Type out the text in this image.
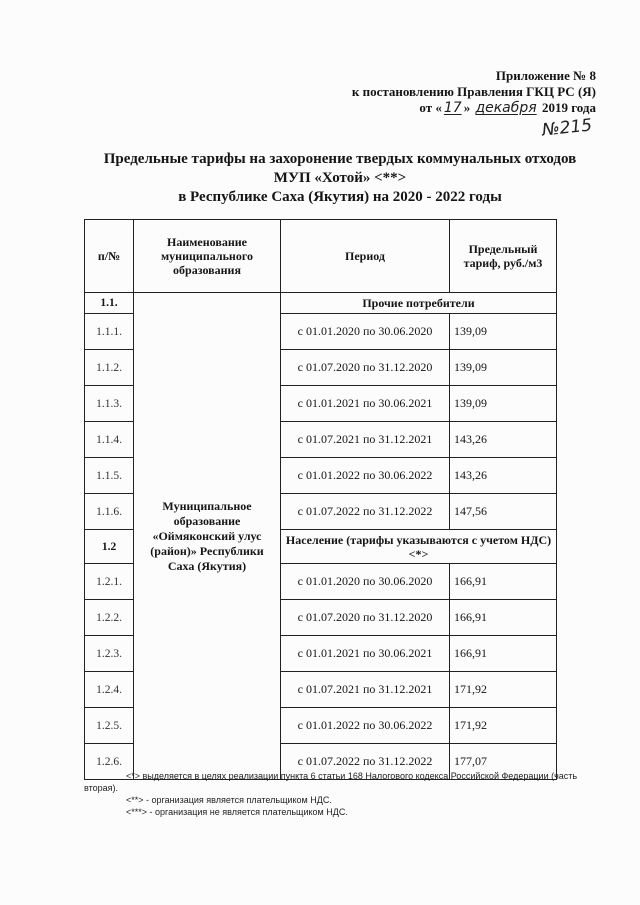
Приложение № 8
к постановлению Правления ГКЦ РС (Я)
от « 17 » декабря 2019 года
№215
Предельные тарифы на захоронение твердых коммунальных отходов
МУП «Хотой» <**>
в Республике Саха (Якутия) на 2020 - 2022 годы
п/№	Наименование муниципального образования	Период	Предельный тариф, руб./м3
1.1.	Муниципальное образование «Оймяконский улус (район)» Республики Саха (Якутия)	Прочие потребители	
1.1.1.		с 01.01.2020 по 30.06.2020	139,09
1.1.2.		с 01.07.2020 по 31.12.2020	139,09
1.1.3.		с 01.01.2021 по 30.06.2021	139,09
1.1.4.		с 01.07.2021 по 31.12.2021	143,26
1.1.5.		с 01.01.2022 по 30.06.2022	143,26
1.1.6.		с 01.07.2022 по 31.12.2022	147,56
1.2		Население (тарифы указываются с учетом НДС) <*>	
1.2.1.		с 01.01.2020 по 30.06.2020	166,91
1.2.2.		с 01.07.2020 по 31.12.2020	166,91
1.2.3.		с 01.01.2021 по 30.06.2021	166,91
1.2.4.		с 01.07.2021 по 31.12.2021	171,92
1.2.5.		с 01.01.2022 по 30.06.2022	171,92
1.2.6.		с 01.07.2022 по 31.12.2022	177,07

<*> выделяется в целях реализации пункта 6 статьи 168 Налогового кодекса Российской Федерации (часть вторая).

<**> - организация является плательщиком НДС.

<***> - организация не является плательщиком НДС.
